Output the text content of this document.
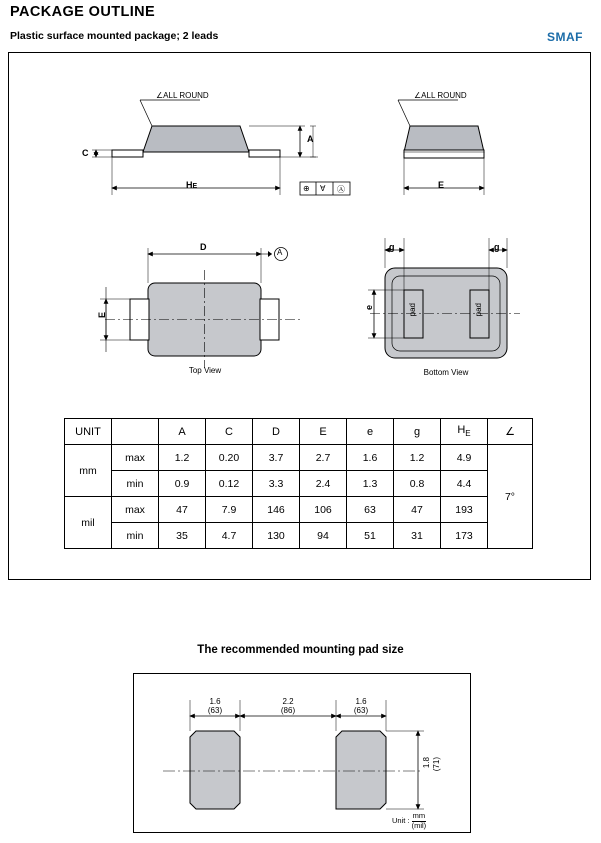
PACKAGE OUTLINE
Plastic surface mounted package; 2 leads	SMAF
∠ALL ROUND	∠ALL ROUND
A
C
HE	E
⊕ ∀ Ⓐ
D
A
E
Top View
g	g
e	pad	pad
Bottom View
UNIT		A	C	D	E	e	g	$H_E$	∠
mm	max	1.2	0.20	3.7	2.7	1.6	1.2	4.9	7°
	min	0.9	0.12	3.3	2.4	1.3	0.8	4.4	
mil	max	47	7.9	146	106	63	47	193	
	min	35	4.7	130	94	51	31	173	
The recommended mounting pad size
1.6
(63)
2.2
(86)
1.6
(63)
1.8 (71)
Unit : $\frac{mm}{\text{(mil)}}$
